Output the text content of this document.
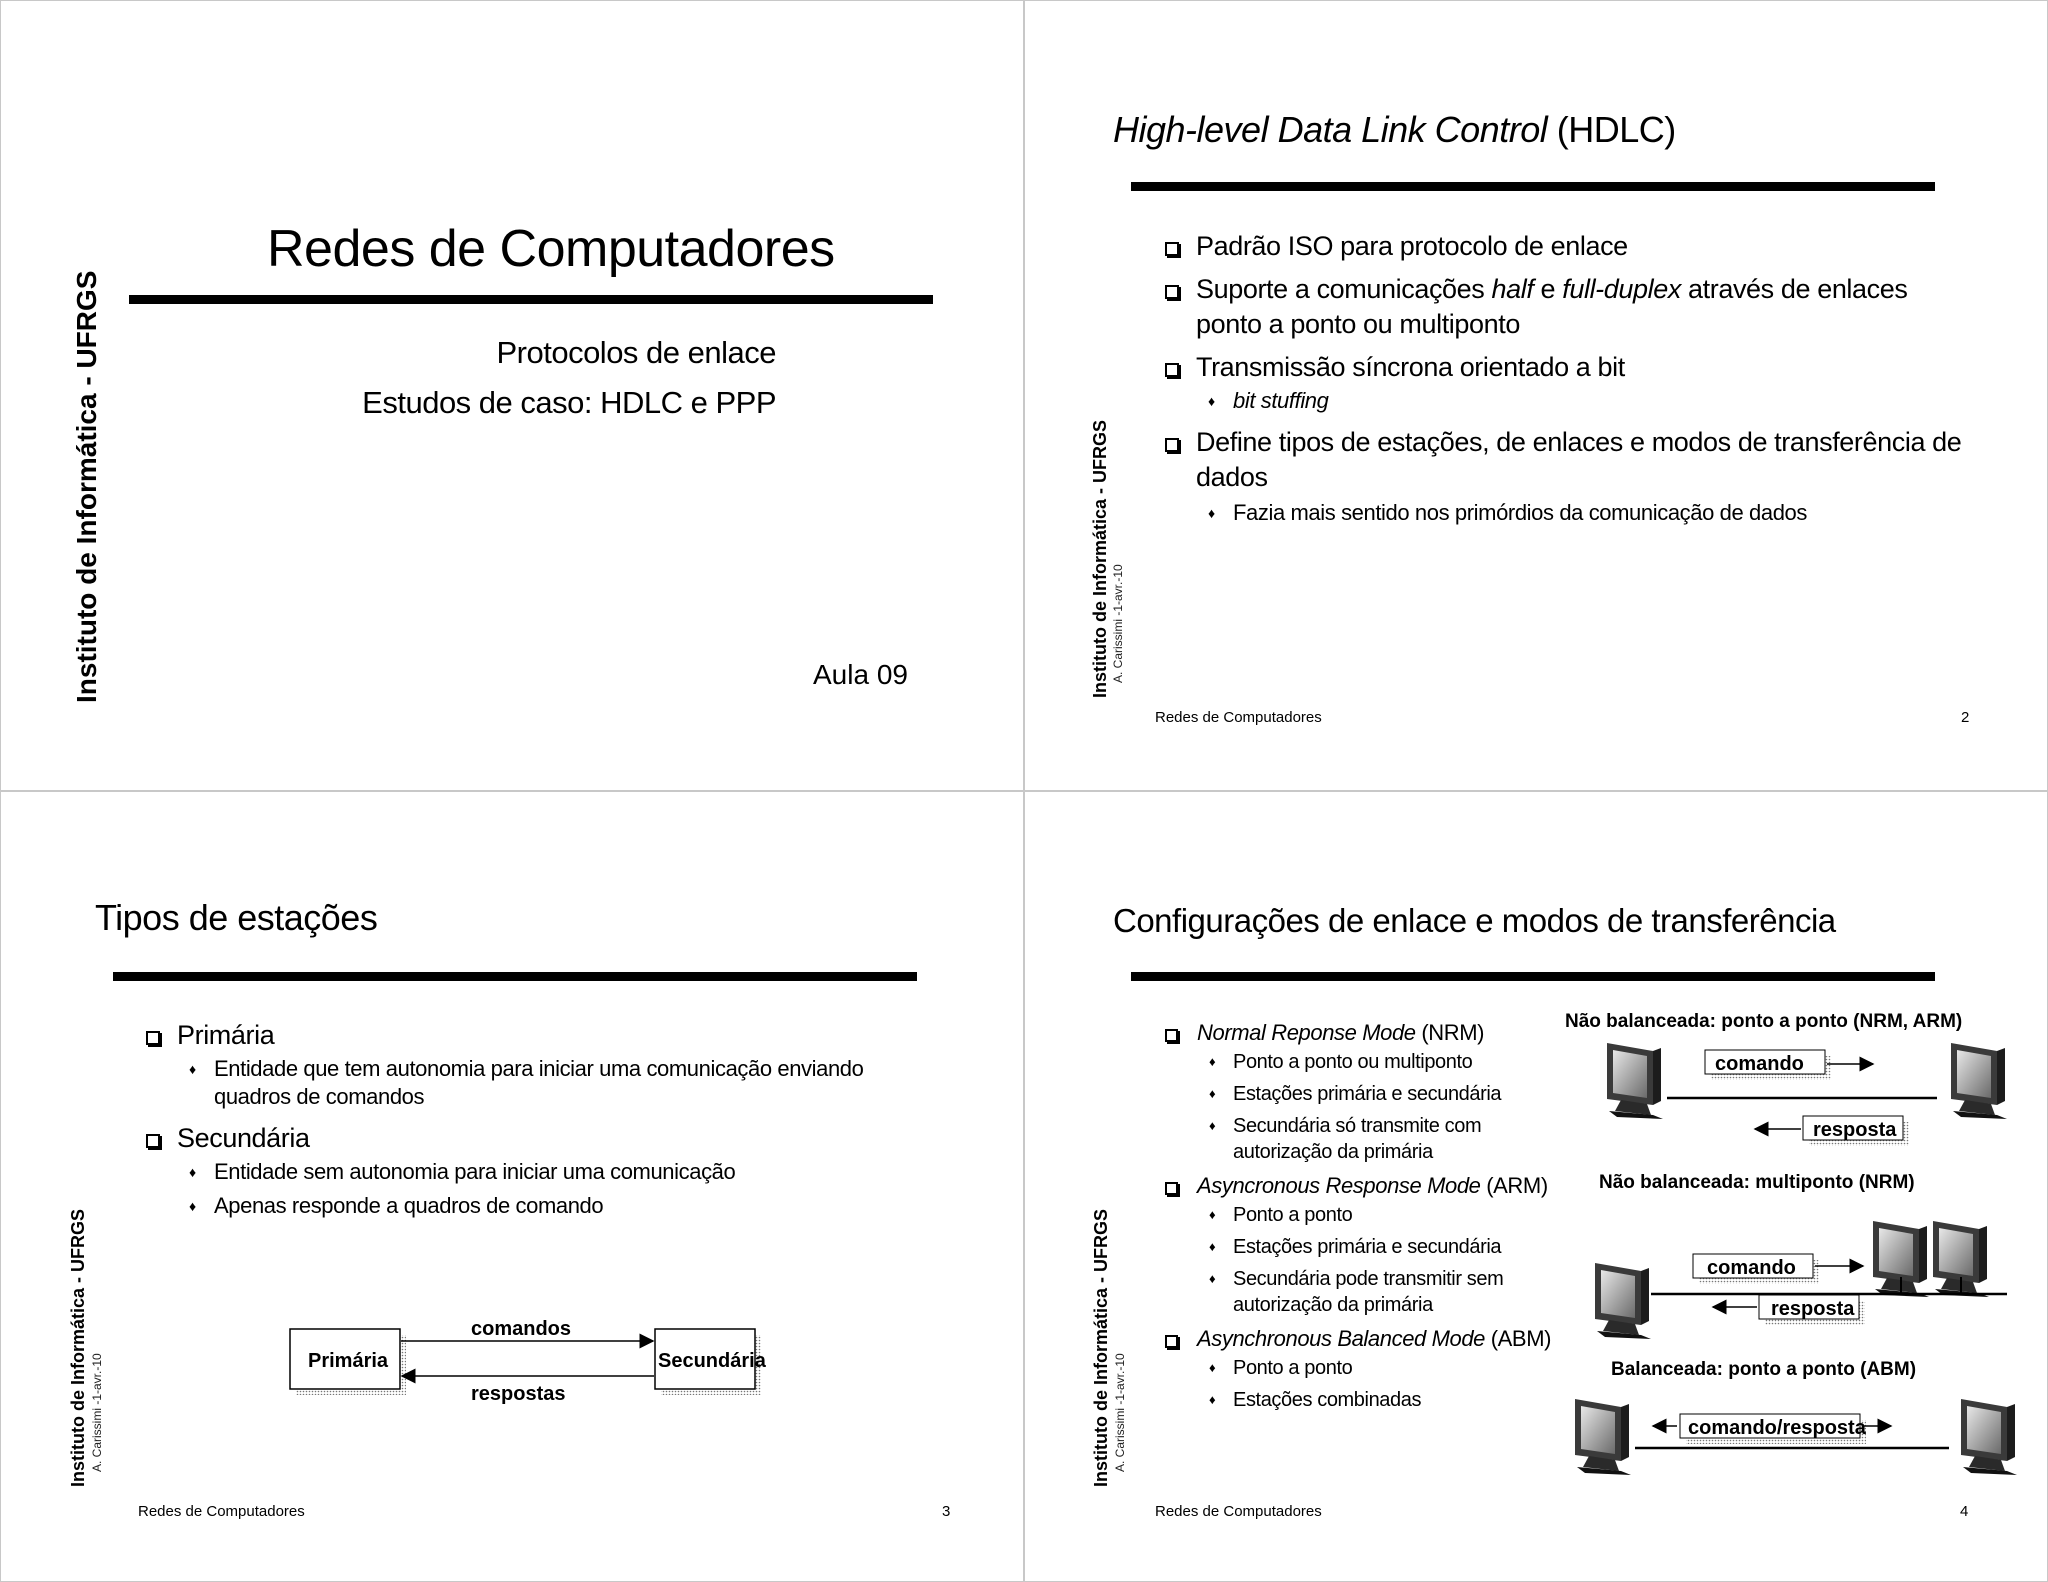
Instituto de Informática - UFRGS
Redes de Computadores
Protocolos de enlace
Estudos de caso: HDLC e PPP
Aula 09	Instituto de Informática - UFRGS A. Carissimi -1-avr.-10
High-level Data Link Control (HDLC)
Padrão ISO para protocolo de enlace
Suporte a comunicações half e full-duplex através de enlaces ponto a ponto ou multiponto
Transmissão síncrona orientado a bit
♦ bit stuffing
Define tipos de estações, de enlaces e modos de transferência de dados
♦ Fazia mais sentido nos primórdios da comunicação de dados
Redes de Computadores	2
Instituto de Informática - UFRGS A. Carissimi -1-avr.-10
Tipos de estações
Primária
♦ Entidade que tem autonomia para iniciar uma comunicação enviando quadros de comandos
Secundária
♦ Entidade sem autonomia para iniciar uma comunicação
♦ Apenas responde a quadros de comando
Primária	Secundária
comandos
respostas
Redes de Computadores	3
Instituto de Informática - UFRGS A. Carissimi -1-avr.-10
Configurações de enlace e modos de transferência
Normal Reponse Mode (NRM)
♦ Ponto a ponto ou multiponto
♦ Estações primária e secundária
♦ Secundária só transmite com autorização da primária
Asyncronous Response Mode (ARM)
♦ Ponto a ponto
♦ Estações primária e secundária
♦ Secundária pode transmitir sem autorização da primária
Asynchronous Balanced Mode (ABM)
♦ Ponto a ponto
♦ Estações combinadas
Não balanceada: ponto a ponto (NRM, ARM)
comando
resposta
Não balanceada: multiponto (NRM)
comando
resposta
Balanceada: ponto a ponto (ABM)
comando/resposta
Redes de Computadores	4
